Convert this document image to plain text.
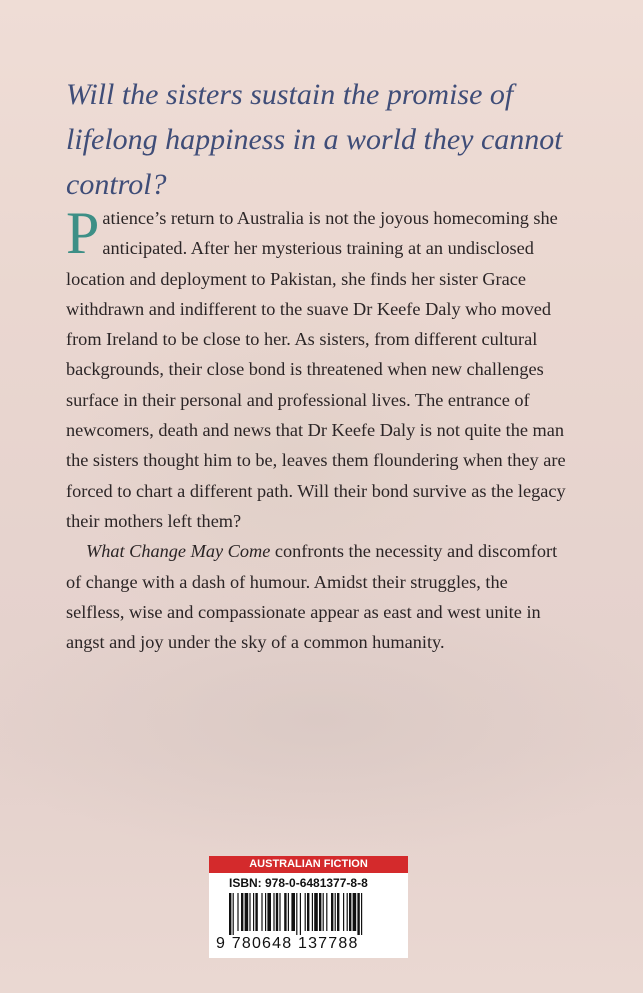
Will the sisters sustain the promise of lifelong happiness in a world they cannot control?

Patience’s return to Australia is not the joyous homecoming she anticipated. After her mysterious training at an undisclosed location and deployment to Pakistan, she finds her sister Grace withdrawn and indifferent to the suave Dr Keefe Daly who moved from Ireland to be close to her. As sisters, from different cultural backgrounds, their close bond is threatened when new challenges surface in their personal and professional lives. The entrance of newcomers, death and news that Dr Keefe Daly is not quite the man the sisters thought him to be, leaves them floundering when they are forced to chart a different path. Will their bond survive as the legacy their mothers left them?

What Change May Come confronts the necessity and discomfort of change with a dash of humour. Amidst their struggles, the selfless, wise and compassionate appear as east and west unite in angst and joy under the sky of a common humanity.

AUSTRALIAN FICTION
ISBN: 978-0-6481377-8-8
9 780648 137788
